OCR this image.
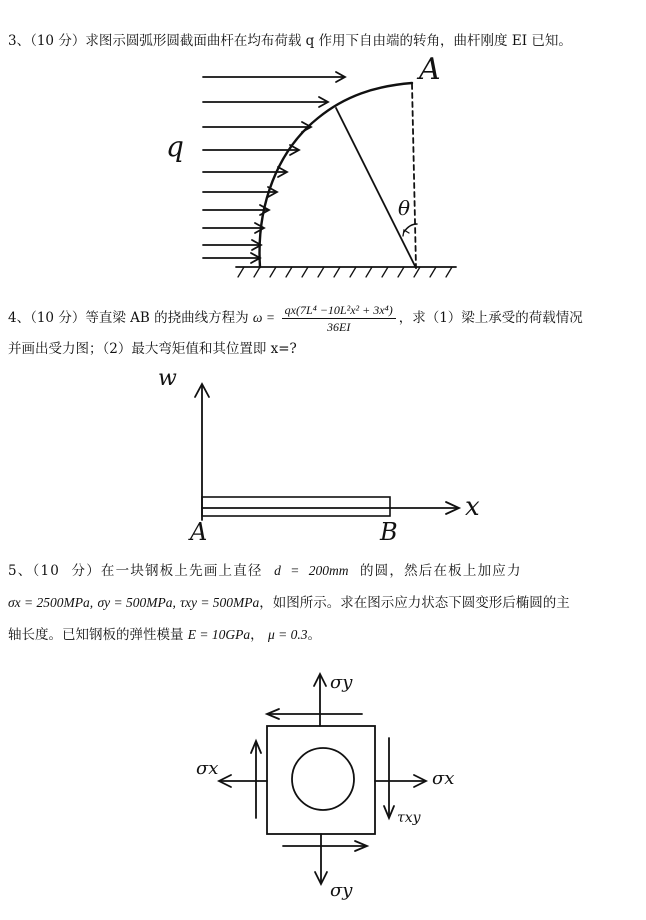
3、（10 分）求图示圆弧形圆截面曲杆在均布荷载 q 作用下自由端的转角，曲杆刚度 EI 已知。
A
q
θ
4、（10 分）等直梁 AB 的挠曲线方程为 $\omega = \frac{\text{qx(7L⁴ −10L²x² + 3x⁴)}}{36EI}$ ，求（1）梁上承受的荷载情况
并画出受力图；（2）最大弯矩值和其位置即 x=?
w
A	B
x
5、（10 分）在一块钢板上先画上直径 d = 200mm 的圆，然后在板上加应力
σx = 2500MPa, σy = 500MPa, τxy = 500MPa，如图所示。求在图示应力状态下圆变形后椭圆的主
轴长度。已知钢板的弹性模量 E = 10GPa， μ = 0.3。
σy
σy
σx	σx
τxy
